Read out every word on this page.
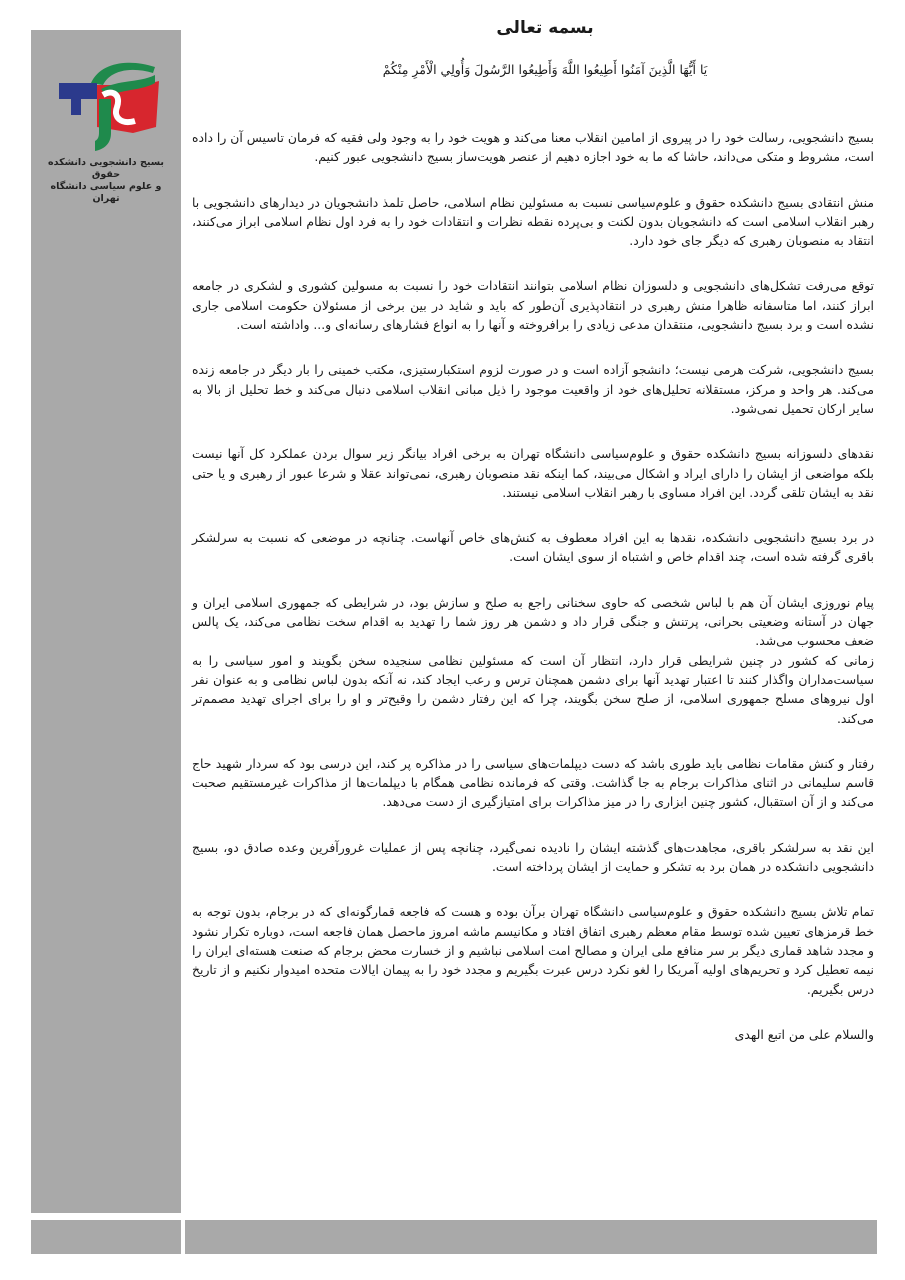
بسیج دانشجویی دانشکده حقوق
و علوم سیاسی دانشگاه تهران
بسمه تعالی
يَا أَيُّهَا الَّذِينَ آمَنُوا أَطِيعُوا اللَّهَ وَأَطِيعُوا الرَّسُولَ وَأُولِي الْأَمْرِ مِنْكُمْ

بسیج دانشجویی، رسالت خود را در پیروی از امامین انقلاب معنا می‌کند و هویت خود را به وجود ولی فقیه که فرمان تاسیس آن را داده است، مشروط و متکی می‌داند، حاشا که ما به خود اجازه دهیم از عنصر هویت‌ساز بسیج دانشجویی عبور کنیم.

منش انتقادی بسیج دانشکده حقوق و علوم‌سیاسی نسبت به مسئولین نظام اسلامی، حاصل تلمذ دانشجویان در دیدارهای دانشجویی با رهبر انقلاب اسلامی است که دانشجویان بدون لکنت و بی‌پرده نقطه نظرات و انتقادات خود را به فرد اول نظام اسلامی ابراز می‌کنند، انتقاد به منصوبان رهبری که دیگر جای خود دارد.

توقع می‌رفت تشکل‌های دانشجویی و دلسوزان نظام اسلامی بتوانند انتقادات خود را نسبت به مسولین کشوری و لشکری در جامعه ابراز کنند، اما متاسفانه ظاهرا منش رهبری در انتقادپذیری آن‌طور که باید و شاید در بین برخی از مسئولان حکومت اسلامی جاری نشده است و برد بسیج دانشجویی، منتقدان مدعی زیادی را برافروخته و آنها را به انواع فشارهای رسانه‌ای و... واداشته است.

بسیج دانشجویی، شرکت هرمی نیست؛ دانشجو آزاده است و در صورت لزوم استکبارستیزی، مکتب خمینی را بار دیگر در جامعه زنده می‌کند. هر واحد و مرکز، مستقلانه تحلیل‌های خود از واقعیت موجود را ذیل مبانی انقلاب اسلامی دنبال می‌کند و خط تحلیل از بالا به سایر ارکان تحمیل نمی‌شود.

نقدهای دلسوزانه بسیج دانشکده حقوق و علوم‌سیاسی دانشگاه تهران به برخی افراد بیانگر زیر سوال بردن عملکرد کل آنها نیست بلکه مواضعی از ایشان را دارای ایراد و اشکال می‌بیند، کما اینکه نقد منصوبان رهبری، نمی‌تواند عقلا و شرعا عبور از رهبری و یا حتی نقد به ایشان تلقی گردد. این افراد مساوی با رهبر انقلاب اسلامی نیستند.

در برد بسیج دانشجویی دانشکده، نقدها به این افراد معطوف به کنش‌های خاص آنهاست. چنانچه در موضعی که نسبت به سرلشکر باقری گرفته شده است، چند اقدام خاص و اشتباه از سوی ایشان است.

پیام نوروزی ایشان آن هم با لباس شخصی که حاوی سخنانی راجع به صلح و سازش بود، در شرایطی که جمهوری اسلامی ایران و جهان در آستانه وضعیتی بحرانی، پرتنش و جنگی قرار داد و دشمن هر روز شما را تهدید به اقدام سخت نظامی می‌کند، یک پالس ضعف محسوب می‌شد.

زمانی که کشور در چنین شرایطی قرار دارد، انتظار آن است که مسئولین نظامی سنجیده سخن بگویند و امور سیاسی را به سیاست‌مداران واگذار کنند تا اعتبار تهدید آنها برای دشمن همچنان ترس و رعب ایجاد کند، نه آنکه بدون لباس نظامی و به عنوان نفر اول نیروهای مسلح جمهوری اسلامی، از صلح سخن بگویند، چرا که این رفتار دشمن را وقیح‌تر و او را برای اجرای تهدید مصمم‌تر می‌کند.

رفتار و کنش مقامات نظامی باید طوری باشد که دست دیپلمات‌های سیاسی را در مذاکره پر کند، این درسی بود که سردار شهید حاج قاسم سلیمانی در اثنای مذاکرات برجام به جا گذاشت. وقتی که فرمانده نظامی همگام با دیپلمات‌ها از مذاکرات غیرمستقیم صحبت می‌کند و از آن استقبال، کشور چنین ابزاری را در میز مذاکرات برای امتیازگیری از دست می‌دهد.

این نقد به سرلشکر باقری، مجاهدت‌های گذشته ایشان را نادیده نمی‌گیرد، چنانچه پس از عملیات غرورآفرین وعده صادق دو، بسیج دانشجویی دانشکده در همان برد به تشکر و حمایت از ایشان پرداخته است.

تمام تلاش بسیج دانشکده حقوق و علوم‌سیاسی دانشگاه تهران برآن بوده و هست که فاجعه قمارگونه‌ای که در برجام، بدون توجه به خط قرمزهای تعیین شده توسط مقام معظم رهبری اتفاق افتاد و مکانیسم ماشه امروز ماحصل همان فاجعه است، دوباره تکرار نشود و مجدد شاهد قماری دیگر بر سر منافع ملی ایران و مصالح امت اسلامی نباشیم و از خسارت محض برجام که صنعت هسته‌ای ایران را نیمه تعطیل کرد و تحریم‌های اولیه آمریکا را لغو نکرد درس عبرت بگیریم و مجدد خود را به پیمان ایالات متحده امیدوار نکنیم و از تاریخ درس بگیریم.

والسلام علی من اتبع الهدی
